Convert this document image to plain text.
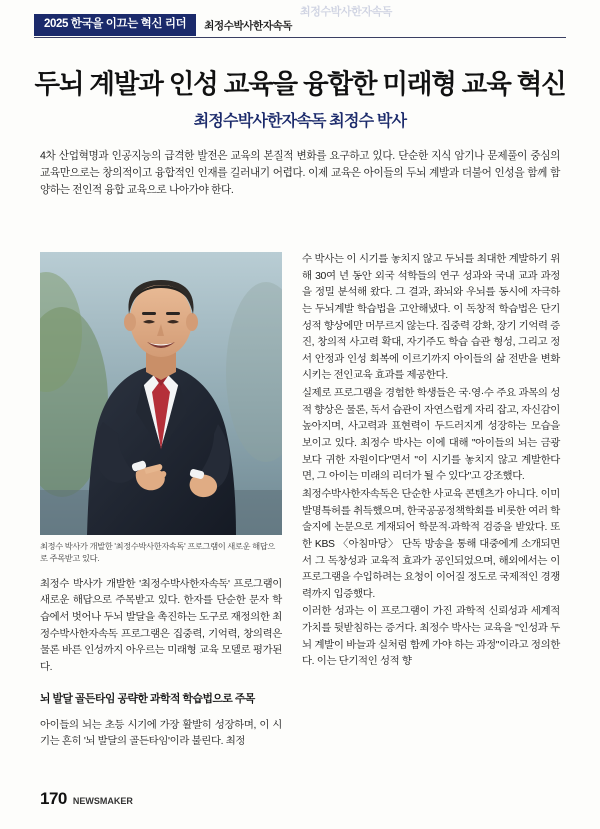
2025 한국을 이끄는 혁신 리더	최정수박사한자속독
최정수박사한자속독
두뇌 계발과 인성 교육을 융합한 미래형 교육 혁신
최정수박사한자속독 최정수 박사
4차 산업혁명과 인공지능의 급격한 발전은 교육의 본질적 변화를 요구하고 있다. 단순한 지식 암기나 문제풀이 중심의 교육만으로는 창의적이고 융합적인 인재를 길러내기 어렵다. 이제 교육은 아이들의 두뇌 계발과 더불어 인성을 함께 함양하는 전인적 융합 교육으로 나아가야 한다.
최정수 박사가 개발한 '최정수박사한자속독' 프로그램이 새로운 해답으로 주목받고 있다.

최정수 박사가 개발한 '최정수박사한자속독' 프로그램이 새로운 해답으로 주목받고 있다. 한자를 단순한 문자 학습에서 벗어나 두뇌 발달을 촉진하는 도구로 재정의한 최정수박사한자속독 프로그램은 집중력, 기억력, 창의력은 물론 바른 인성까지 아우르는 미래형 교육 모델로 평가된다.

뇌 발달 골든타임 공략한 과학적 학습법으로 주목

아이들의 뇌는 초등 시기에 가장 활발히 성장하며, 이 시기는 흔히 '뇌 발달의 골든타임'이라 불린다. 최정

수 박사는 이 시기를 놓치지 않고 두뇌를 최대한 계발하기 위해 30여 년 동안 외국 석학들의 연구 성과와 국내 교과 과정을 정밀 분석해 왔다. 그 결과, 좌뇌와 우뇌를 동시에 자극하는 두뇌계발 학습법을 고안해냈다. 이 독창적 학습법은 단기 성적 향상에만 머무르지 않는다. 집중력 강화, 장기 기억력 증진, 창의적 사고력 확대, 자기주도 학습 습관 형성, 그리고 정서 안정과 인성 회복에 이르기까지 아이들의 삶 전반을 변화시키는 전인교육 효과를 제공한다.

실제로 프로그램을 경험한 학생들은 국·영·수 주요 과목의 성적 향상은 물론, 독서 습관이 자연스럽게 자리 잡고, 자신감이 높아지며, 사고력과 표현력이 두드러지게 성장하는 모습을 보이고 있다. 최정수 박사는 이에 대해 "아이들의 뇌는 금광보다 귀한 자원이다"면서 "이 시기를 놓치지 않고 계발한다면, 그 아이는 미래의 리더가 될 수 있다"고 강조했다.

최정수박사한자속독은 단순한 사교육 콘텐츠가 아니다. 이미 발명특허를 취득했으며, 한국공공정책학회를 비롯한 여러 학술지에 논문으로 게재되어 학문적·과학적 검증을 받았다. 또한 KBS 〈아침마당〉 단독 방송을 통해 대중에게 소개되면서 그 독창성과 교육적 효과가 공인되었으며, 해외에서는 이 프로그램을 수입하려는 요청이 이어질 정도로 국제적인 경쟁력까지 입증했다.

이러한 성과는 이 프로그램이 가진 과학적 신뢰성과 세계적 가치를 뒷받침하는 증거다. 최정수 박사는 교육을 "인성과 두뇌 계발이 바늘과 실처럼 함께 가야 하는 과정"이라고 정의한다. 이는 단기적인 성적 향

170 NEWSMAKER
